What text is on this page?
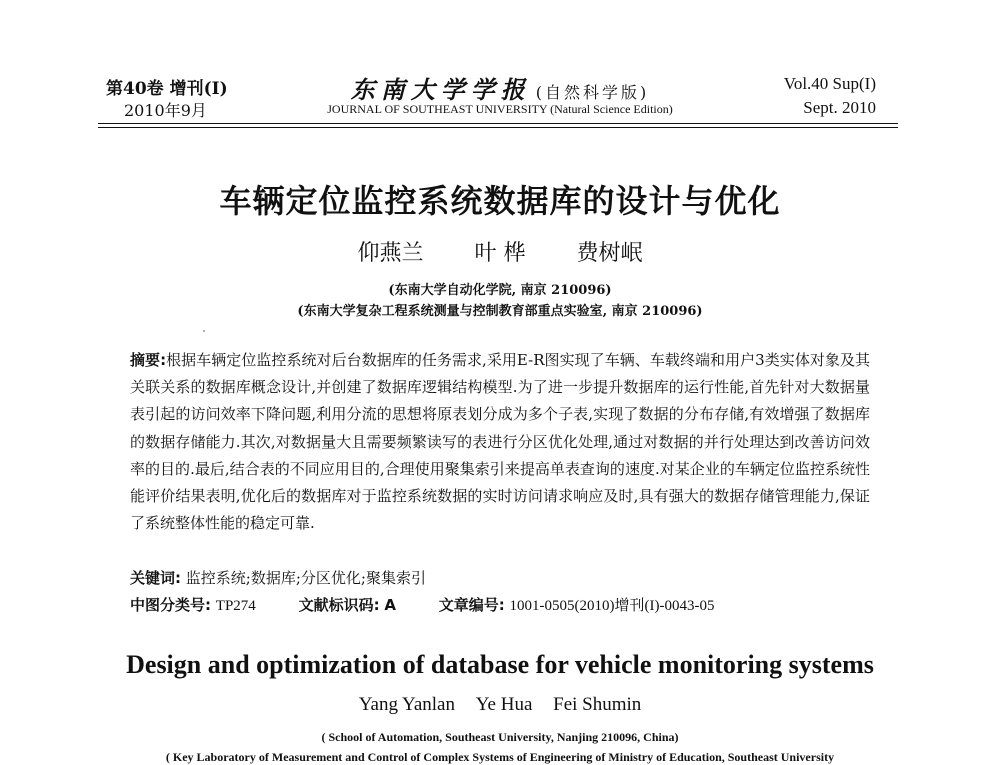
第40卷 增刊(I)
2010年9月
东南大学学报 (自然科学版)
JOURNAL OF SOUTHEAST UNIVERSITY (Natural Science Edition)
Vol.40 Sup(I)
Sept. 2010
车辆定位监控系统数据库的设计与优化
仰燕兰 叶 桦 费树岷
(东南大学自动化学院, 南京 210096)
(东南大学复杂工程系统测量与控制教育部重点实验室, 南京 210096)
摘要:根据车辆定位监控系统对后台数据库的任务需求,采用E-R图实现了车辆、车载终端和用户3类实体对象及其关联关系的数据库概念设计,并创建了数据库逻辑结构模型.为了进一步提升数据库的运行性能,首先针对大数据量表引起的访问效率下降问题,利用分流的思想将原表划分成为多个子表,实现了数据的分布存储,有效增强了数据库的数据存储能力.其次,对数据量大且需要频繁读写的表进行分区优化处理,通过对数据的并行处理达到改善访问效率的目的.最后,结合表的不同应用目的,合理使用聚集索引来提高单表查询的速度.对某企业的车辆定位监控系统性能评价结果表明,优化后的数据库对于监控系统数据的实时访问请求响应及时,具有强大的数据存储管理能力,保证了系统整体性能的稳定可靠.
关键词: 监控系统;数据库;分区优化;聚集索引
中图分类号: TP274	文献标识码: A	文章编号: 1001-0505(2010)增刊(I)-0043-05
Design and optimization of database for vehicle monitoring systems
Yang Yanlan Ye Hua Fei Shumin
( School of Automation, Southeast University, Nanjing 210096, China)
( Key Laboratory of Measurement and Control of Complex Systems of Engineering of Ministry of Education, Southeast University
